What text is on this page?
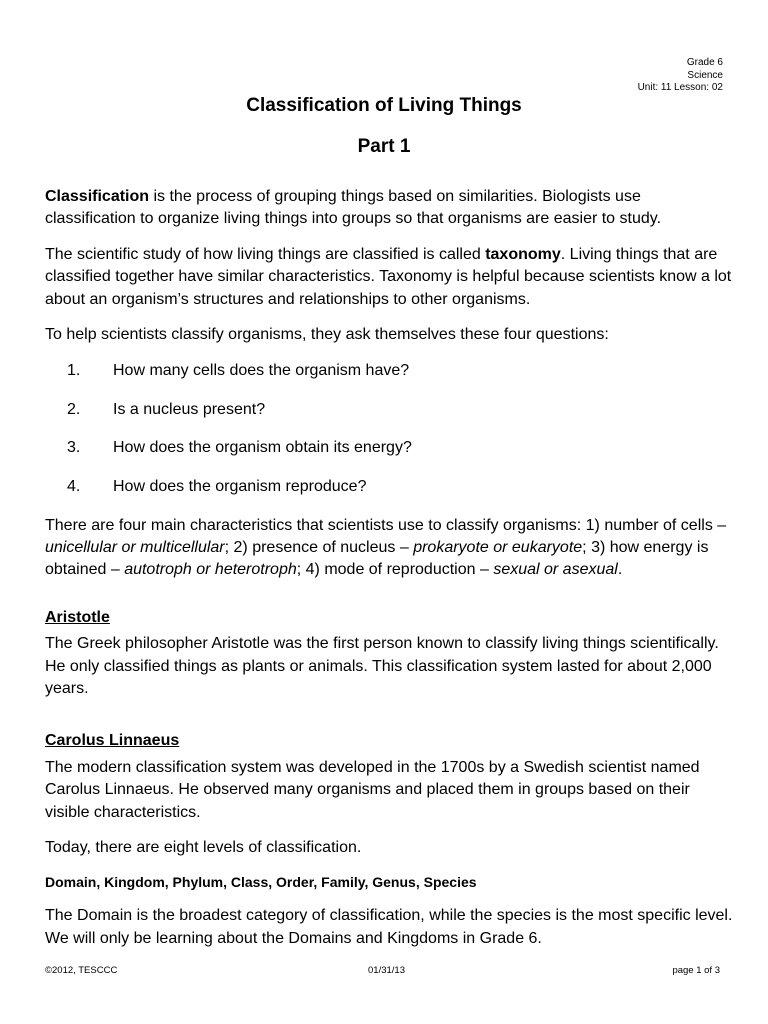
Grade 6
Science
Unit: 11 Lesson: 02
Classification of Living Things
Part 1

Classification is the process of grouping things based on similarities. Biologists use classification to organize living things into groups so that organisms are easier to study.

The scientific study of how living things are classified is called taxonomy. Living things that are classified together have similar characteristics. Taxonomy is helpful because scientists know a lot about an organism’s structures and relationships to other organisms.

To help scientists classify organisms, they ask themselves these four questions:

1. How many cells does the organism have?
2. Is a nucleus present?
3. How does the organism obtain its energy?
4. How does the organism reproduce?

There are four main characteristics that scientists use to classify organisms: 1) number of cells – unicellular or multicellular; 2) presence of nucleus – prokaryote or eukaryote; 3) how energy is obtained – autotroph or heterotroph; 4) mode of reproduction – sexual or asexual.

Aristotle

The Greek philosopher Aristotle was the first person known to classify living things scientifically. He only classified things as plants or animals. This classification system lasted for about 2,000 years.

Carolus Linnaeus

The modern classification system was developed in the 1700s by a Swedish scientist named Carolus Linnaeus. He observed many organisms and placed them in groups based on their visible characteristics.

Today, there are eight levels of classification.

Domain, Kingdom, Phylum, Class, Order, Family, Genus, Species

The Domain is the broadest category of classification, while the species is the most specific level. We will only be learning about the Domains and Kingdoms in Grade 6.

©2012, TESCCC	01/31/13	page 1 of 3
